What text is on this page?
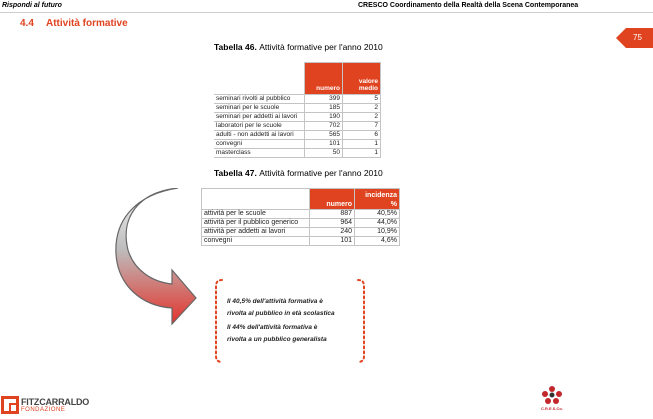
Rispondi al futuro	CRESCO Coordinamento della Realtà della Scena Contemporanea
4.4 Attività formative
75
Tabella 46. Attività formative per l'anno 2010
	numero	valore medio
seminari rivolti al pubblico	399	5
seminari per le scuole	185	2
seminari per addetti ai lavori	190	2
laboratori per le scuole	702	7
adulti - non addetti ai lavori	565	6
convegni	101	1
masterclass	50	1
Tabella 47. Attività formative per l'anno 2010
	numero	incidenza %
attività per le scuole	887	40,5%
attività per il pubblico generico	964	44,0%
attività per addetti ai lavori	240	10,9%
convegni	101	4,6%

Il 40,5% dell'attività formativa è

rivolta al pubblico in età scolastica

Il 44% dell'attività formativa è

rivolta a un pubblico generalista

FITZCARRALDO
FONDAZIONE	C.R.E.S.Co.
